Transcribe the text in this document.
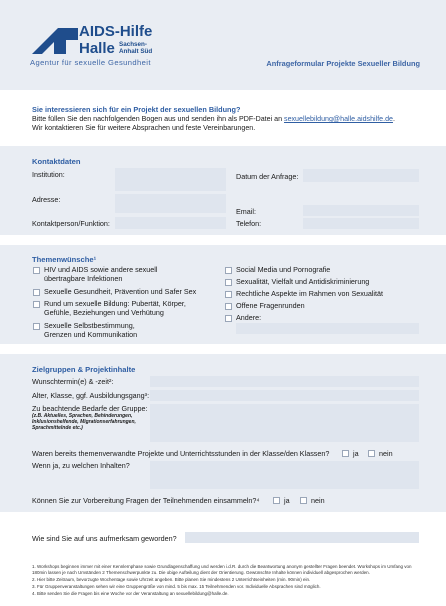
AIDS-Hilfe
Halle Sachsen-
Anhalt Süd
Agentur für sexuelle Gesundheit	Anfrageformular Projekte Sexueller Bildung
Sie interessieren sich für ein Projekt der sexuellen Bildung?
Bitte füllen Sie den nachfolgenden Bogen aus und senden ihn als PDF-Datei an sexuellebildung@halle.aidshilfe.de.
Wir kontaktieren Sie für weitere Absprachen und feste Vereinbarungen.
Kontaktdaten
Institution:	Datum der Anfrage:
Adresse:
Email:
Kontaktperson/Funktion:	Telefon:
Themenwünsche¹
HIV und AIDS sowie andere sexuell
übertragbare Infektionen
Sexuelle Gesundheit, Prävention und Safer Sex
Rund um sexuelle Bildung: Pubertät, Körper,
Gefühle, Beziehungen und Verhütung
Sexuelle Selbstbestimmung,
Grenzen und Kommunikation
Social Media und Pornografie
Sexualität, Vielfalt und Antidiskriminierung
Rechtliche Aspekte im Rahmen von Sexualität
Offene Fragenrunden
Andere:
Zielgruppen & Projektinhalte
Wunschtermin(e) & -zeit²:
Alter, Klasse, ggf. Ausbildungsgang³:
Zu beachtende Bedarfe der Gruppe:
(z.B. Aktuelles, Sprachen, Behinderungen, Inklusionshelfende, Migrationserfahrungen, Sprachmittelnde etc.)
Waren bereits themenverwandte Projekte und Unterrichtsstunden in der Klasse/den Klassen?	ja	nein
Wenn ja, zu welchen Inhalten?
Können Sie zur Vorbereitung Fragen der Teilnehmenden einsammeln?⁴	ja	nein
Wie sind Sie auf uns aufmerksam geworden?
1. Workshops beginnen immer mit einer Kennlernphase sowie Grundlagenschaffung und werden i.d.R. durch die Beantwortung anonym gestellter Fragen beendet. Workshops im Umfang von
180min lassen je nach Umständen 2 Themenschwerpunkte zu. Die obige Aufteilung dient der Orientierung. Gewünschte Inhalte können individuell abgesprochen werden.
2. Hier bitte Zeitraum, bevorzugte Wochentage sowie Uhrzeit angeben. Bitte planen Sie mindestens 2 Unterrichtseinheiten (min. 90min) ein.
3. Für Gruppenveranstaltungen sehen wir eine Gruppengröße von mind. 5 bis max. 15 Teilnehmenden vor. Individuelle Absprachen sind möglich.
4. Bitte senden Sie die Fragen bis eine Woche vor der Veranstaltung an sexuellebildung@halle.de.
